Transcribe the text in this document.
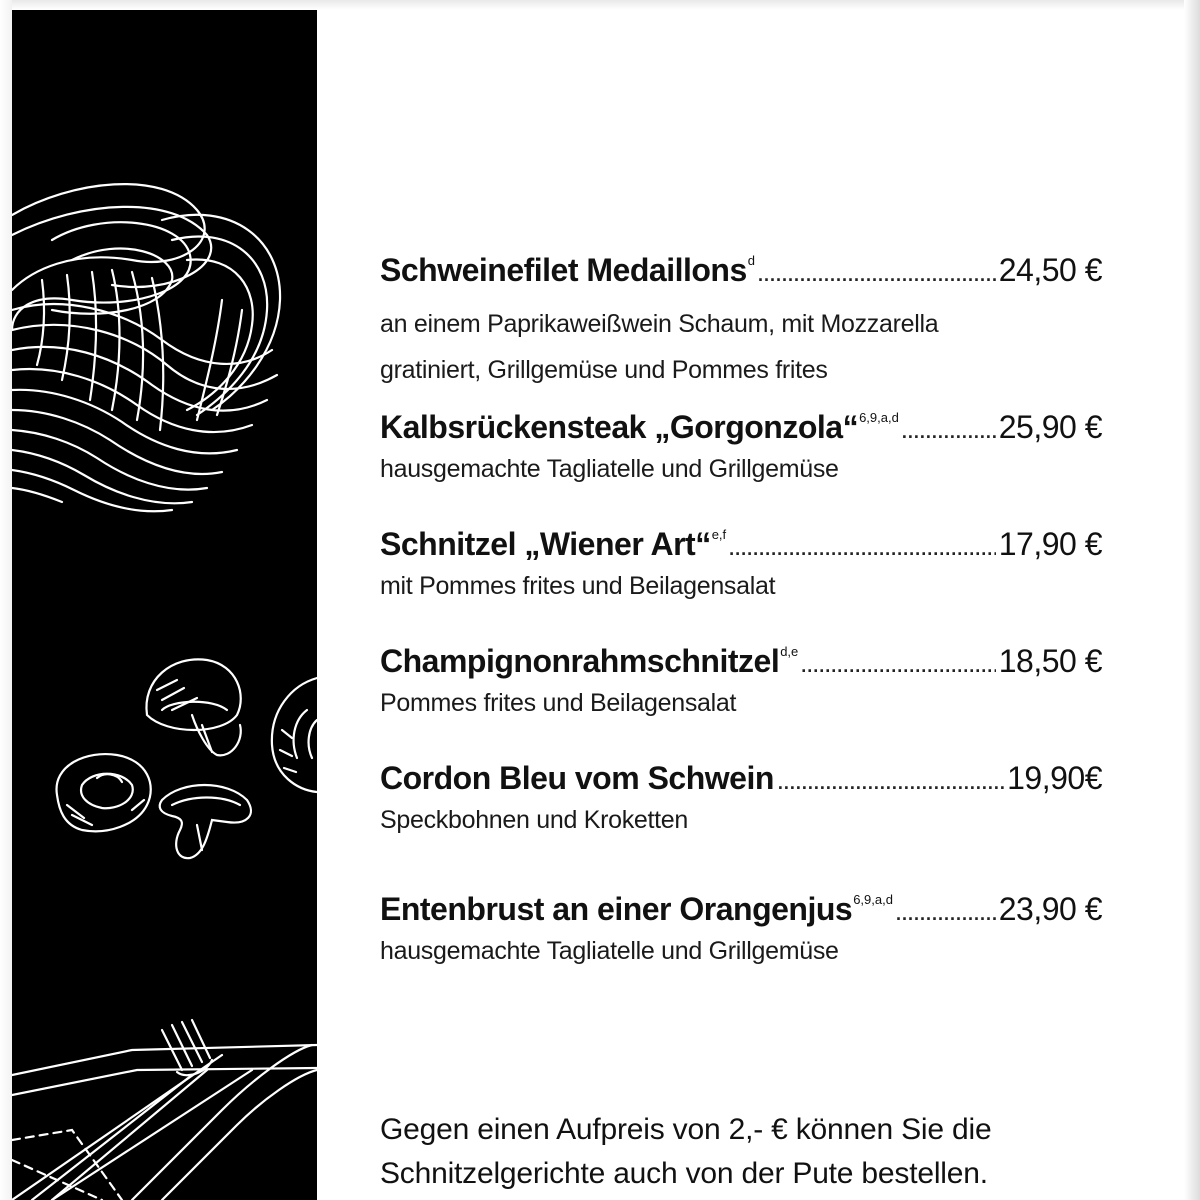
Schweinefilet Medaillons$^d$ .....	24,50 €
an einem Paprikaweißwein Schaum, mit Mozzarella
gratiniert, Grillgemüse und Pommes frites
Kalbsrückensteak „Gorgonzola“$^{6,9,a,d}$ .....	25,90 €
hausgemachte Tagliatelle und Grillgemüse
Schnitzel „Wiener Art“$^{e,f}$ .....	17,90 €
mit Pommes frites und Beilagensalat
Champignonrahmschnitzel$^{d,e}$ .....	18,50 €
Pommes frites und Beilagensalat
Cordon Bleu vom Schwein .....	19,90€
Speckbohnen und Kroketten
Entenbrust an einer Orangenjus$^{6,9,a,d}$ .....	23,90 €
hausgemachte Tagliatelle und Grillgemüse
Gegen einen Aufpreis von 2,- € können Sie die
Schnitzelgerichte auch von der Pute bestellen.
